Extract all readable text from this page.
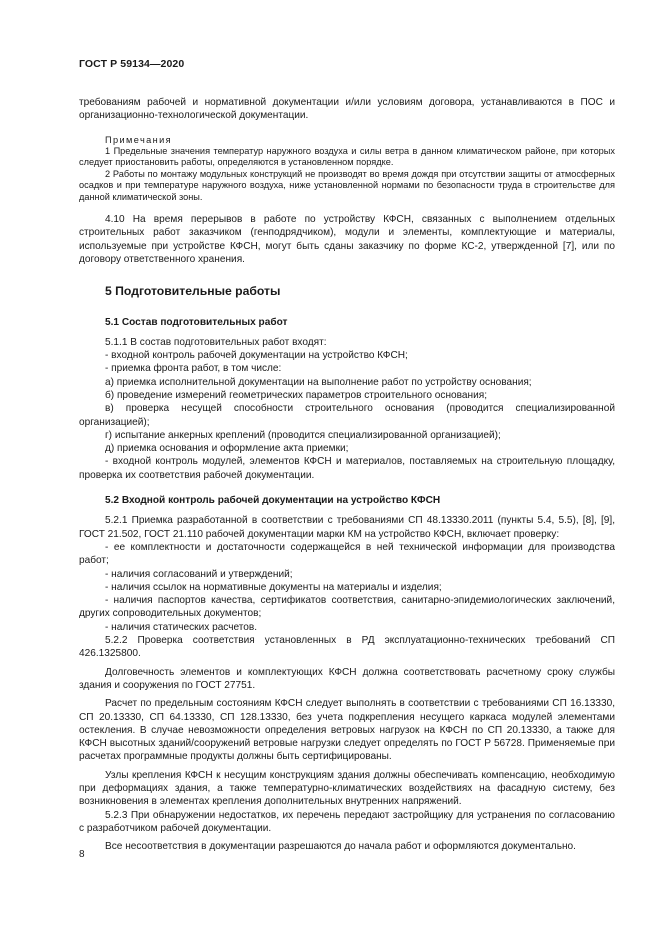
ГОСТ Р 59134—2020

требованиям рабочей и нормативной документации и/или условиям договора, устанавливаются в ПОС и организационно-технологической документации.

Примечания

1 Предельные значения температур наружного воздуха и силы ветра в данном климатическом районе, при которых следует приостановить работы, определяются в установленном порядке.

2 Работы по монтажу модульных конструкций не производят во время дождя при отсутствии защиты от атмосферных осадков и при температуре наружного воздуха, ниже установленной нормами по безопасности труда в строительстве для данной климатической зоны.

4.10 На время перерывов в работе по устройству КФСН, связанных с выполнением отдельных строительных работ заказчиком (генподрядчиком), модули и элементы, комплектующие и материалы, используемые при устройстве КФСН, могут быть сданы заказчику по форме КС-2, утвержденной [7], или по договору ответственного хранения.

5 Подготовительные работы

5.1 Состав подготовительных работ

5.1.1 В состав подготовительных работ входят:

- входной контроль рабочей документации на устройство КФСН;

- приемка фронта работ, в том числе:

а) приемка исполнительной документации на выполнение работ по устройству основания;

б) проведение измерений геометрических параметров строительного основания;

в) проверка несущей способности строительного основания (проводится специализированной организацией);

г) испытание анкерных креплений (проводится специализированной организацией);

д) приемка основания и оформление акта приемки;

- входной контроль модулей, элементов КФСН и материалов, поставляемых на строительную площадку, проверка их соответствия рабочей документации.

5.2 Входной контроль рабочей документации на устройство КФСН

5.2.1 Приемка разработанной в соответствии с требованиями СП 48.13330.2011 (пункты 5.4, 5.5), [8], [9], ГОСТ 21.502, ГОСТ 21.110 рабочей документации марки КМ на устройство КФСН, включает проверку:

- ее комплектности и достаточности содержащейся в ней технической информации для производства работ;

- наличия согласований и утверждений;

- наличия ссылок на нормативные документы на материалы и изделия;

- наличия паспортов качества, сертификатов соответствия, санитарно-эпидемиологических заключений, других сопроводительных документов;

- наличия статических расчетов.

5.2.2 Проверка соответствия установленных в РД эксплуатационно-технических требований СП 426.1325800.

Долговечность элементов и комплектующих КФСН должна соответствовать расчетному сроку службы здания и сооружения по ГОСТ 27751.

Расчет по предельным состояниям КФСН следует выполнять в соответствии с требованиями СП 16.13330, СП 20.13330, СП 64.13330, СП 128.13330, без учета подкрепления несущего каркаса модулей элементами остекления. В случае невозможности определения ветровых нагрузок на КФСН по СП 20.13330, а также для КФСН высотных зданий/сооружений ветровые нагрузки следует определять по ГОСТ Р 56728. Применяемые при расчетах программные продукты должны быть сертифицированы.

Узлы крепления КФСН к несущим конструкциям здания должны обеспечивать компенсацию, необходимую при деформациях здания, а также температурно-климатических воздействиях на фасадную систему, без возникновения в элементах крепления дополнительных внутренних напряжений.

5.2.3 При обнаружении недостатков, их перечень передают застройщику для устранения по согласованию с разработчиком рабочей документации.

Все несоответствия в документации разрешаются до начала работ и оформляются документально.

8
